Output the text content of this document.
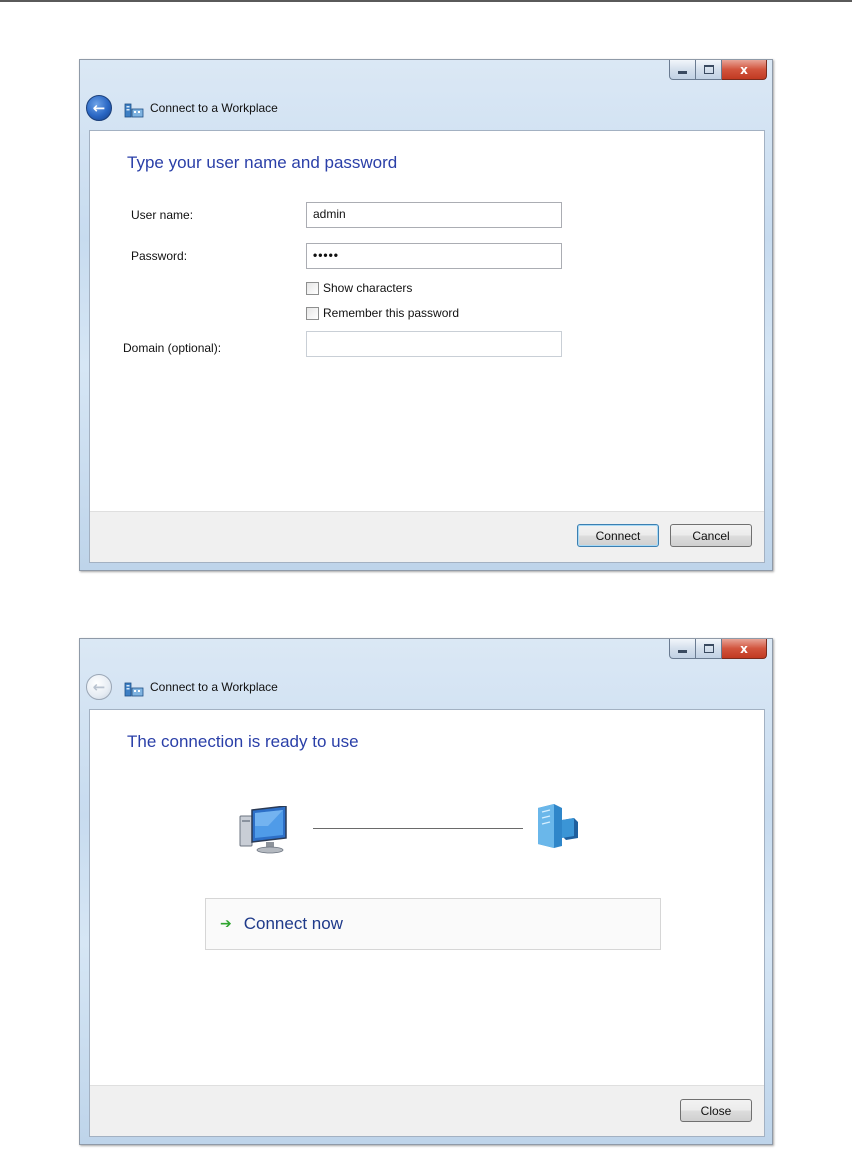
x
←	Connect to a Workplace
Type your user name and password
User name:	admin
Password:	•••••
Show characters
Remember this password
Domain (optional):
Connect	Cancel
x
←	Connect to a Workplace
The connection is ready to use
➔ Connect now
Close
